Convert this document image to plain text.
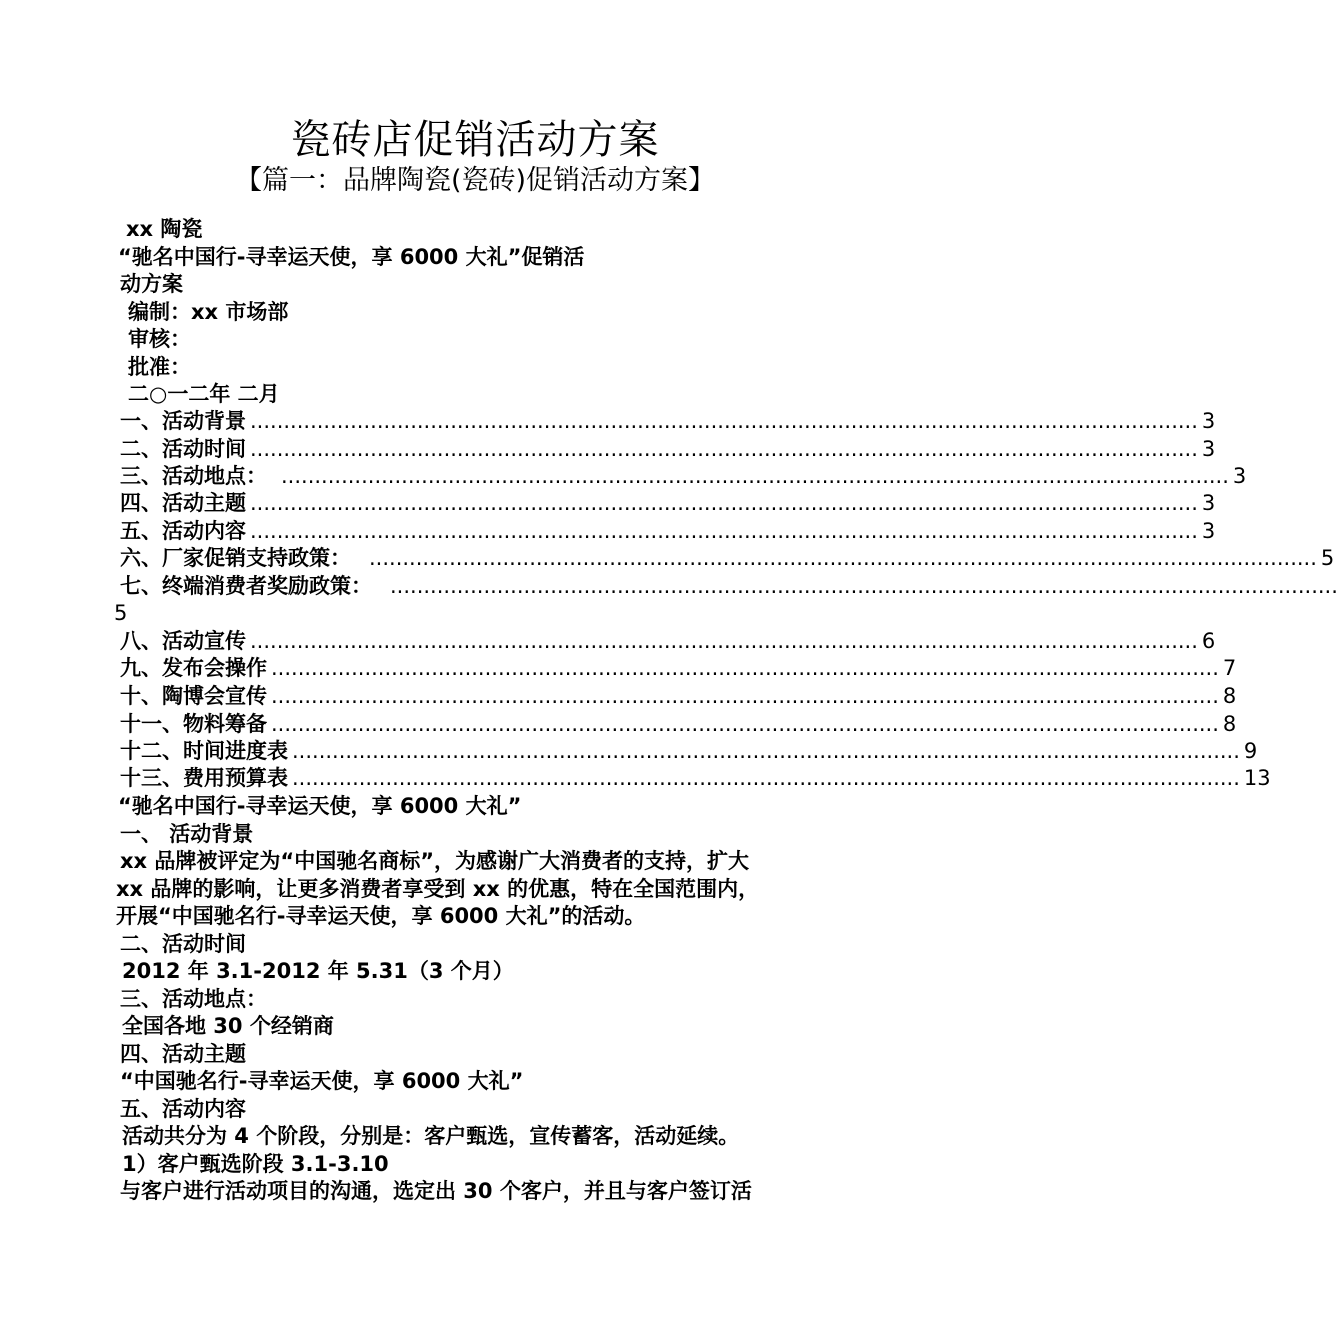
瓷砖店促销活动方案
【篇一：品牌陶瓷(瓷砖)促销活动方案】
xx 陶瓷
“驰名中国行-寻幸运天使，享 6000 大礼”促销活
动方案
编制：xx 市场部
审核：
批准：
二○一二年 二月
一、 活动背景 .............................................................................................................................................. 3
二、 活动时间 .............................................................................................................................................. 3
三、 活动地点： .............................................................................................................................................. 3
四、 活动主题 .............................................................................................................................................. 3
五、 活动内容 .............................................................................................................................................. 3
六、 厂家促销支持政策： .............................................................................................................................................. 5
七、 终端消费者奖励政策： ..............................................................................................................................................
5
八、 活动宣传 .............................................................................................................................................. 6
九、 发布会操作 .............................................................................................................................................. 7
十、 陶博会宣传 .............................................................................................................................................. 8
十一、 物料筹备 .............................................................................................................................................. 8
十二、 时间进度表 .............................................................................................................................................. 9
十三、 费用预算表 .............................................................................................................................................. 13
“驰名中国行-寻幸运天使，享 6000 大礼”
一、 活动背景
xx 品牌被评定为“中国驰名商标”，为感谢广大消费者的支持，扩大
xx 品牌的影响，让更多消费者享受到 xx 的优惠，特在全国范围内，
开展“中国驰名行-寻幸运天使，享 6000 大礼”的活动。
二、活动时间
2012 年 3.1-2012 年 5.31（3 个月）
三、活动地点：
全国各地 30 个经销商
四、活动主题
“中国驰名行-寻幸运天使，享 6000 大礼”
五、活动内容
活动共分为 4 个阶段，分别是：客户甄选，宣传蓄客，活动延续。
1）客户甄选阶段 3.1-3.10
与客户进行活动项目的沟通，选定出 30 个客户，并且与客户签订活
